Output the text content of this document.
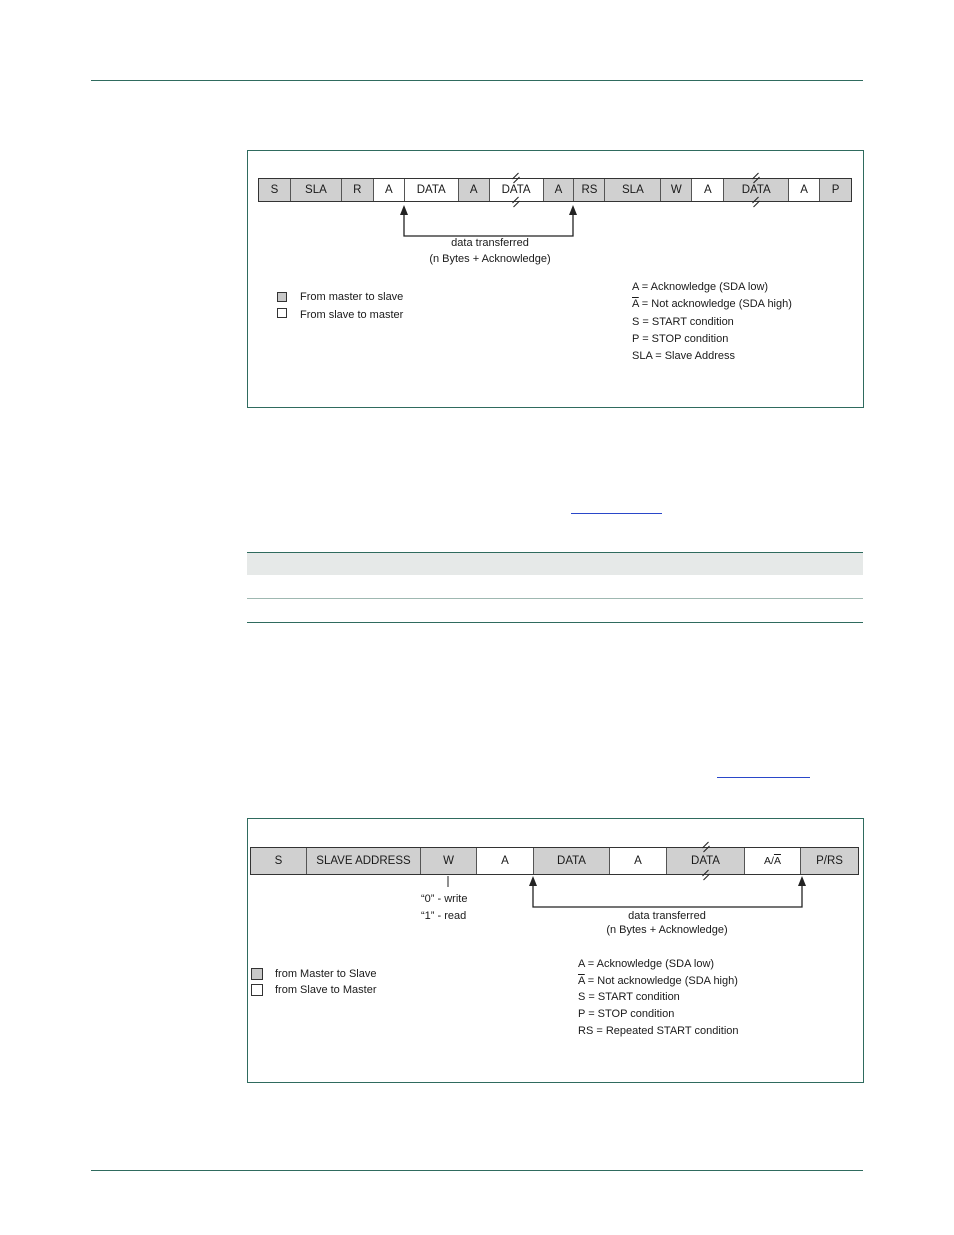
S SLA R A DATA A DATA A RS SLA W A	DATA	A P
data transferred
(n Bytes + Acknowledge)
From master to slave
From slave to master
A = Acknowledge (SDA low)
$\overline{A}$ = Not acknowledge (SDA high)
S = START condition
P = STOP condition
SLA = Slave Address
S	SLAVE ADDRESS	W	A	DATA	A	DATA	$A/\overline{A}$	P/RS
“0” - write
“1” - read	data transferred
(n Bytes + Acknowledge)
from Master to Slave
from Slave to Master
A = Acknowledge (SDA low)
$\overline{A}$ = Not acknowledge (SDA high)
S = START condition
P = STOP condition
RS = Repeated START condition
